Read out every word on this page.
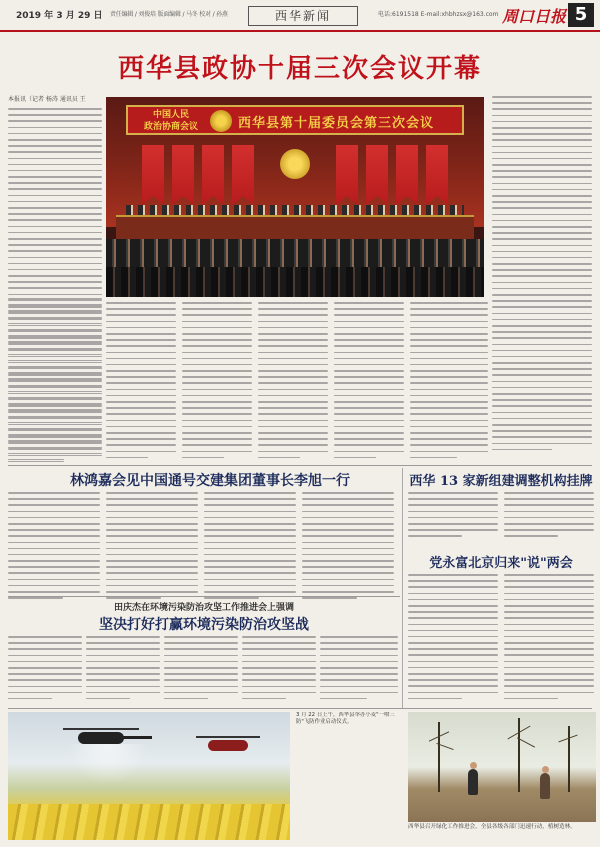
2019 年 3 月 29 日 责任编辑 / 刘俊培 版面编辑 / 马冬 校对 / 孙燕	西华新闻	电话:6191518 E-mail:xhbhzsx@163.com 周口日报 5
西华县政协十届三次会议开幕
本报讯（记者 杨涛 通讯员 王
中国人民
政治协商会议	西华县第十届委员会第三次会议
林鸿嘉会见中国通号交建集团董事长李旭一行	西华 13 家新组建调整机构挂牌
党永富北京归来"说"两会
田庆杰在环境污染防治攻坚工作推进会上强调
坚决打好打赢环境污染防治攻坚战
3 月 22 日上午，西华县举办小麦"一喷三防"飞防作业启动仪式。
西华县召开绿化工作推进会，全县各级各部门迅速行动，植树造林。
